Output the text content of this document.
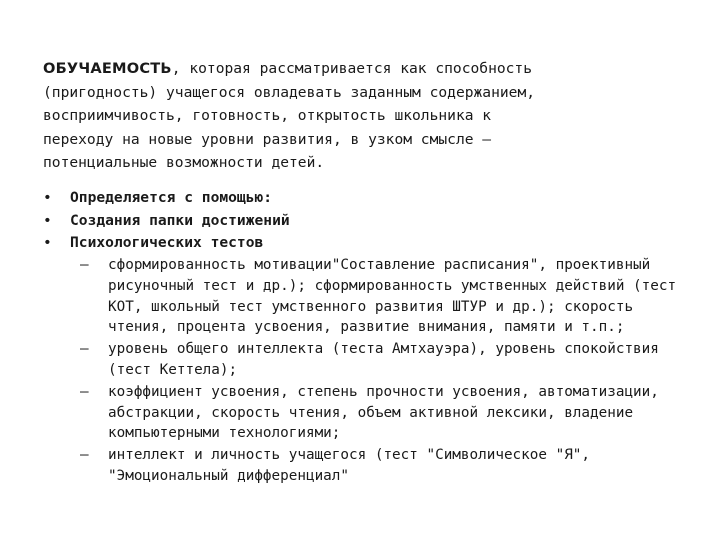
ОБУЧАЕМОСТЬ, которая рассматривается как способность
(пригодность) учащегося овладевать заданным содержанием,
восприимчивость, готовность, открытость школьника к
переходу на новые уровни развития, в узком смысле –
потенциальные возможности детей.

• Определяется с помощью:
• Создания папки достижений
• Психологических тестов
– сформированность мотивации"Составление расписания", проективный рисуночный тест и др.); сформированность умственных действий (тест КОТ, школьный тест умственного развития ШТУР и др.); скорость чтения, процента усвоения, развитие внимания, памяти и т.п.;
– уровень общего интеллекта (теста Амтхауэра), уровень спокойствия (тест Кеттела);
– коэффициент усвоения, степень прочности усвоения, автоматизации, абстракции, скорость чтения, объем активной лексики, владение компьютерными технологиями;
– интеллект и личность учащегося (тест "Символическое "Я", "Эмоциональный дифференциал"
